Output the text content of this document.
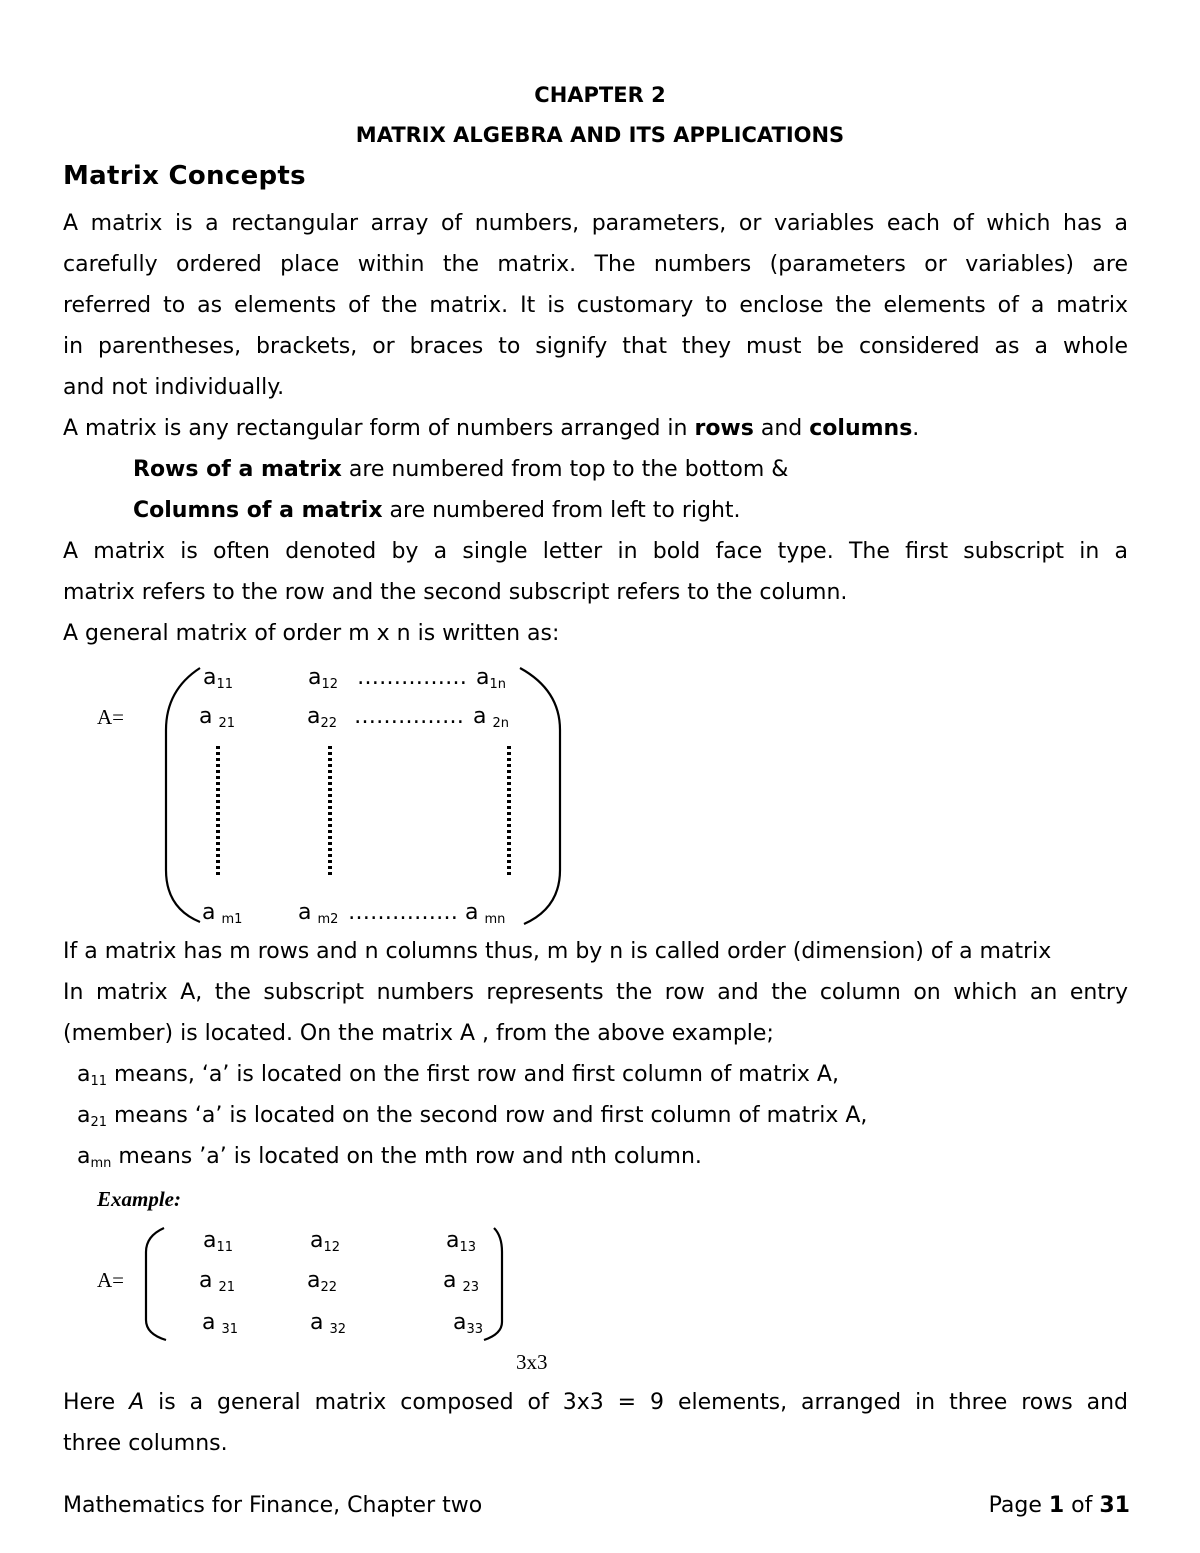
CHAPTER 2
MATRIX ALGEBRA AND ITS APPLICATIONS
Matrix Concepts
A matrix is a rectangular array of numbers, parameters, or variables each of which has a
carefully ordered place within the matrix. The numbers (parameters or variables) are
referred to as elements of the matrix. It is customary to enclose the elements of a matrix
in parentheses, brackets, or braces to signify that they must be considered as a whole
and not individually.
A matrix is any rectangular form of numbers arranged in rows and columns.
Rows of a matrix are numbered from top to the bottom &
Columns of a matrix are numbered from left to right.
A matrix is often denoted by a single letter in bold face type. The first subscript in a
matrix refers to the row and the second subscript refers to the column.
A general matrix of order m x n is written as:
A=
$a_{11}$	$a_{12}$ …………… $a_{1n}$
a $_{21}$	$a_{22}$ …………… a $_{2n}$
a $_{m1}$	a $_{m2}$ …………… a $_{mn}$
If a matrix has m rows and n columns thus, m by n is called order (dimension) of a matrix
In matrix A, the subscript numbers represents the row and the column on which an entry
(member) is located. On the matrix A , from the above example;
$a_{11}$ means, ‘a’ is located on the first row and first column of matrix A,
$a_{21}$ means ‘a’ is located on the second row and first column of matrix A,
$a_{mn}$ means ’a’ is located on the mth row and nth column.
Example:
A=
$a_{11}$	$a_{12}$	$a_{13}$
a $_{21}$	$a_{22}$	a $_{23}$
a $_{31}$	a $_{32}$	$a_{33}$
3x3
Here A is a general matrix composed of 3x3 = 9 elements, arranged in three rows and
three columns.
Mathematics for Finance, Chapter two	Page 1 of 31
